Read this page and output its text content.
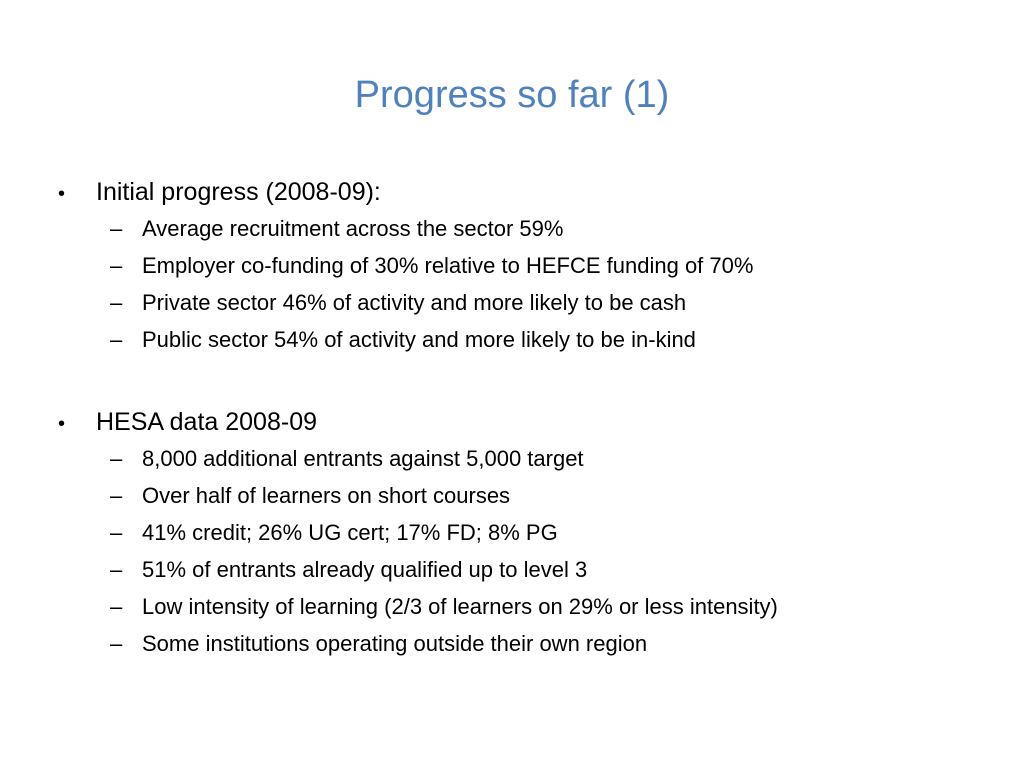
Progress so far (1)
•	Initial progress (2008-09):
– Average recruitment across the sector 59%
– Employer co-funding of 30% relative to HEFCE funding of 70%
– Private sector 46% of activity and more likely to be cash
– Public sector 54% of activity and more likely to be in-kind
•	HESA data 2008-09
– 8,000 additional entrants against 5,000 target
– Over half of learners on short courses
– 41% credit; 26% UG cert; 17% FD; 8% PG
– 51% of entrants already qualified up to level 3
– Low intensity of learning (2/3 of learners on 29% or less intensity)
– Some institutions operating outside their own region
